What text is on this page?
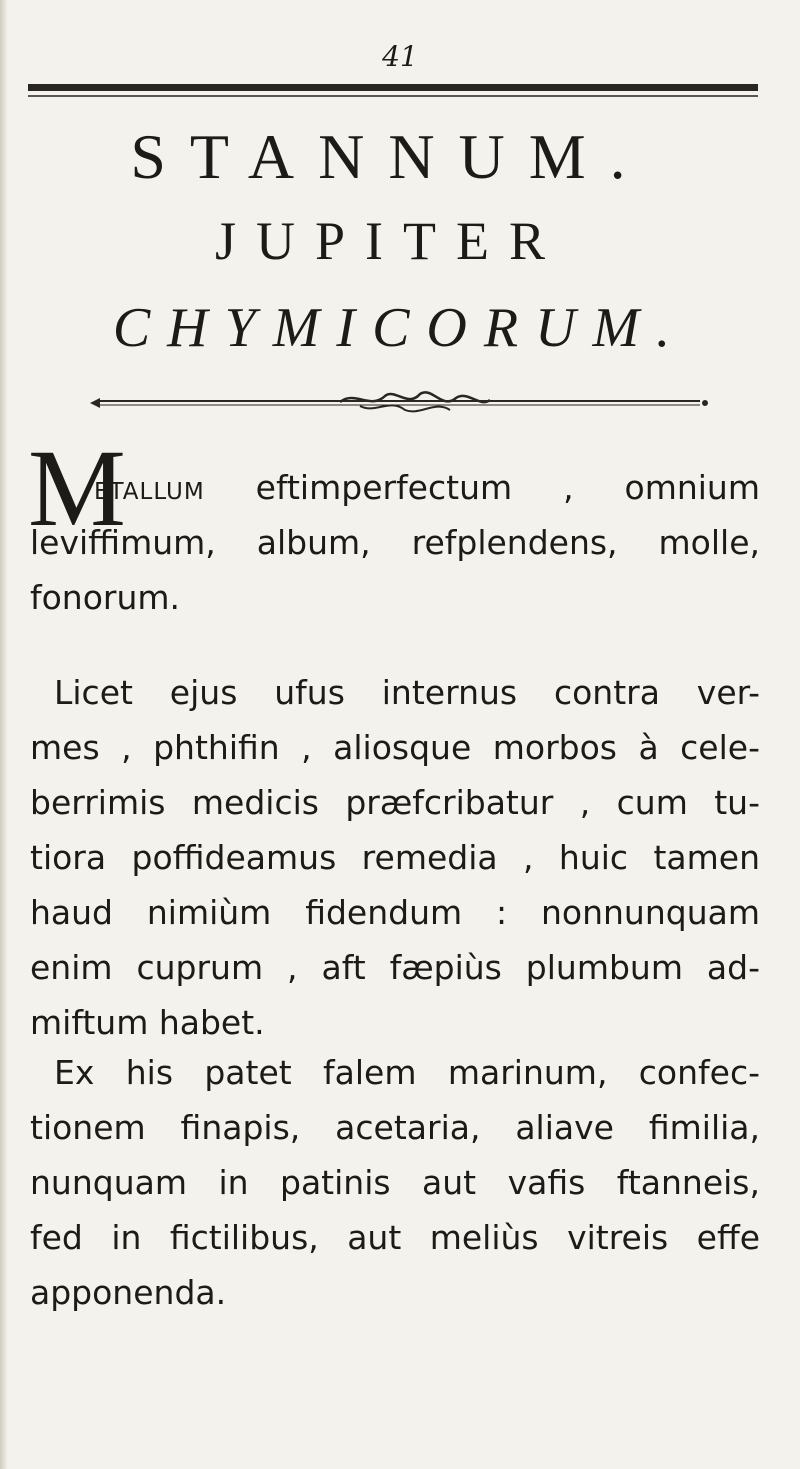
41
STANNUM.
JUPITER
CHYMICORUM.
M
etallum eftimperfectum , omnium
leviffimum, album, refplendens, molle,
fonorum.
Licet ejus ufus internus contra ver-
mes , phthifin , aliosque morbos à cele-
berrimis medicis præfcribatur , cum tu-
tiora poffideamus remedia , huic tamen
haud nimiùm fidendum : nonnunquam
enim cuprum , aft fæpiùs plumbum ad-
miftum habet.
Ex his patet falem marinum, confec-
tionem finapis, acetaria, aliave fimilia,
nunquam in patinis aut vafis ftanneis,
fed in fictilibus, aut meliùs vitreis effe
apponenda.
